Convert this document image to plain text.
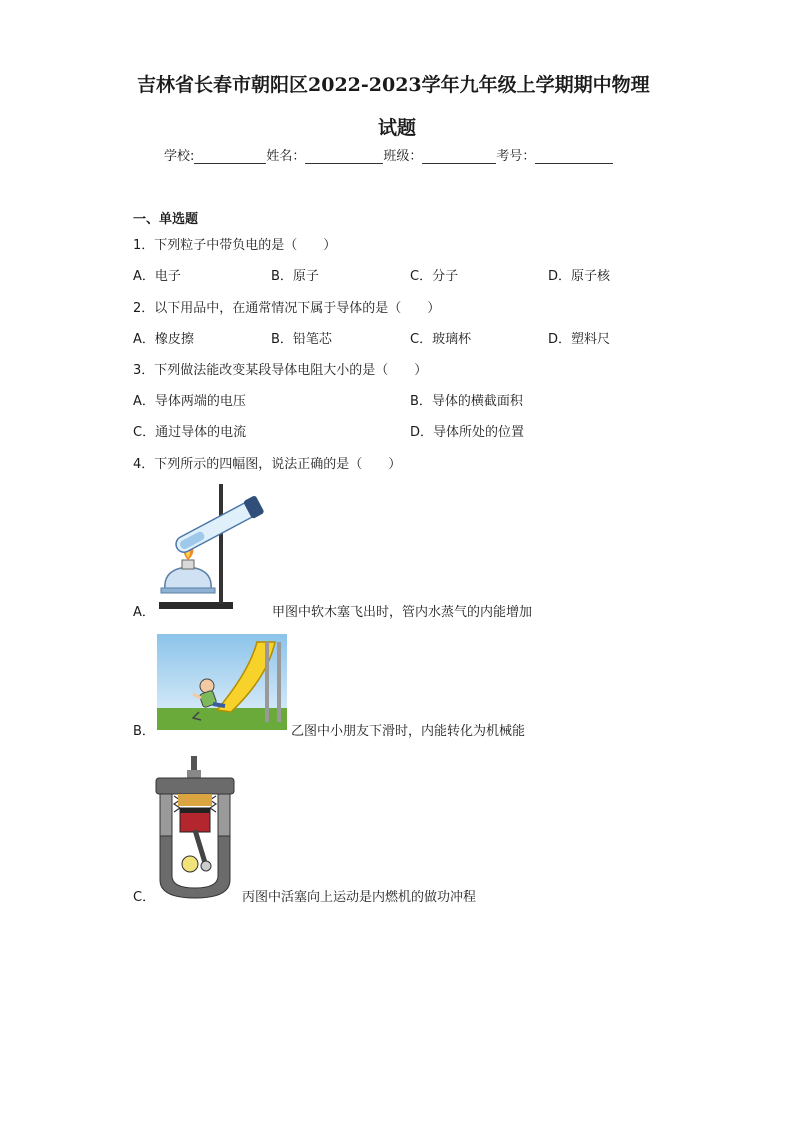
吉林省长春市朝阳区2022-2023学年九年级上学期期中物理
试题
学校:	姓名：	班级：	考号：
一、单选题
1．下列粒子中带负电的是（　　）
A．电子	B．原子	C．分子	D．原子核
2．以下用品中，在通常情况下属于导体的是（　　）
A．橡皮擦	B．铅笔芯	C．玻璃杯	D．塑料尺
3．下列做法能改变某段导体电阻大小的是（　　）
A．导体两端的电压	B．导体的横截面积
C．通过导体的电流	D．导体所处的位置
4．下列所示的四幅图，说法正确的是（　　）
A．	甲图中软木塞飞出时，管内水蒸气的内能增加
B．	乙图中小朋友下滑时，内能转化为机械能
C．	丙图中活塞向上运动是内燃机的做功冲程
